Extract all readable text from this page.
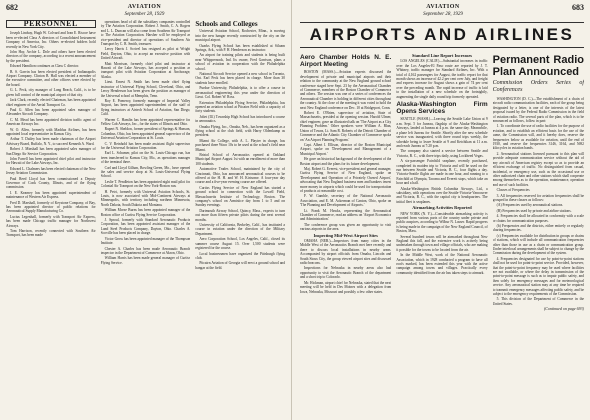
682	AVIATION
September 28, 1929
PERSONNEL

Joseph Lindsay, Hugh W. Colvard and Ivan E. Riscoe have been re-elected Class A directors of Consolidated Instrument Company of America, Inc. Others re-elected holders hold recently in New York City.

John Hay, Archie L. Dole and others have been elected directors of the company, according to a recent announcement by the president.

Edward Hamilton continues as Class C director.

B. S. Garvin has been elected president of Indianapolis Airport Company. Clinton B. Hall was elected a member of the executive committee, and other officers were elected by the board.

G. L. Peck, city manager of Long Beach, Calif., is to be given full control of the municipal airport of that city.

Jack Clark, recently elected Chairman, has been appointed chief engineer of the Aerial Transport Co.

Paul G. Allen has been appointed sales manager of Alexander Aircraft Company.

C. M. Mead has been appointed division traffic agent of American Airways Inc.

W. O. Allen, formerly with Maddux Airlines, has been appointed local representative in Kansas City.

Arthur T. Dailey has been made chairman of the Airport Advisory Board, Buffalo, N. Y., to succeed Kenneth A. Ward.

Robert J. Minshall has been appointed sales manager of San Diego Air Service Corporation.

John Farrell has been appointed chief pilot and instructor for Hawaii of the Lake Airways, Inc.

Edward L. Chalmers has been elected chairman of the New Jersey Aviation Commission.

Paul Reed Lloyd has been commissioned a Deputy Governor of Cook County, Illinois, and of the flying commission.

I. E. Kearney has been appointed superintendent of maintenance of Western Air Express.

Fred D. Marshall, formerly of Keystone Company, of Bay, has been appointed director of public relations for Aeronautical Supply Manufacturing Co.

Lucius Legenhall, formerly with Transport Air Express, has been made Chicago traffic manager for Northwest Airways.

Tom Harrison, recently connected with Southern Air Transport, has been made

operations head of all the subsidiary companies controlled by The Aviation Corporation. Robert J. Smith, C. A. Rogers and L. L. Duncan will also come from Southern Air Transport to The Aviation Corporation. Harsher will be employed as vice-president and director of operations of Southern Air Transport by C. R. Smith, treasurer.

Leroy Harris J. Scrivel has resigned as pilot at Wright Field, Dayton, Ohio, to accept an executive position with United Aircraft.

Matt Morrison, formerly chief pilot and instructor at Hawaii of the Lake Airways, has accepted a position as transport pilot with Aviation Corporation at Anchorage, Alaska.

Lieut. Ernest N. Smith has been made chief flying instructor of Universal Flying School, Cleveland, Ohio, and Leroy Henderson has been given the position as manager of the Universal school at Memphis, Tenn.

Roy E. Pomeroy, formerly manager of Imperial Valley Airport, has been appointed superintendent of the staff of flying instructors at Airtech School of Aviation, San Diego, Calif.

Warren C. Hamlin has been appointed representative for Yellow Cab Airways, Inc., for the states of Illinois and Ohio.

Rupert N. Sheldon, former president of Springs & Hanson, Columbus, Ohio, has been appointed general supervisor of the Universal Aviation Corporation at St. Louis.

C. V. Reinhold has been made assistant flight supervisor for the Universal Aviation Corporation.

Earl L. Schumer, pilot on the St. Louis-Chicago run, has been transferred to Kansas City, Mo., as operations manager of the terminal there.

Carl and Lloyd Gillum, Bowling Green, Mo., have opened the sales and service shop at St. Louis-Universal Flying School.

Leslie T. Pendleton has been appointed night mail pilot for Colonial Air Transport on the New York-Boston run.

H. Petri, formerly with Universal Aviation Schools, St. Louis, is now associated with Mid-Continent Airways at Minneapolis, with territory including northern Minnesota, North Dakota, South Dakota and Montana.

William Morse Burns has been appointed manager of the Boston office of Curtiss Flying Service Corporation.

J. Sproul, formerly with Standard Aeronautic Products Corporation, has been appointed assistant manager of the Lund Steel Products Company, Dayton, Ohio. Charles A. Scoville has been placed in charge.

Victor Gross has been appointed manager of the Thompson Institute.

Chester A. Charles has been made Aeronautic Branch inspector in the Department of Commerce at Akron, Ohio.

William Harris has been made general manager of Curtiss Flying Service.

Schools and Colleges

Universal Aviation School, Rochester, Minn., is moving into the new hangar recently constructed by the city on the municipal airport.

Ozarks Flying School has been established at Siloam Springs, Ark., with P. H. Henderson as instructor.

An airport for training pilots and students is being built near Whippernook, Ind. Its owner, Fred Garrison, plans a school of aviation in cooperation with the Philadelphia school.

National Aircraft Service opened a new school in Toronto, Ont. Earl Peck has been placed in charge. More than 30 students have enrolled.

Purdue University, Philadelphia, is to offer a course in aeronautical engineering this year under the direction of Lieut. Col. Robert W. Ross.

Extension Philadelphia Flying Service, Philadelphia, has opened an aviation school at Pitcairn Field with a capacity of forty students.

Joliet (Ill.) Township High School has introduced a course in aeronautics.

Omaha Flying, Inc., Omaha, Neb., has been organized as a flying school at the club field, with Harry Oldenkamp as president.

Miami Air College, with A. L. Playter in charge, has purchased three Waco 10s to be used at the school's field near Miami.

Bristol School of Aeronautics opened at Oakland Municipal Airport August 1st with an enrollment of more than 100 students.

Automotive Trades School, maintained by the city of Cincinnati, Ohio, has announced aeronautical courses to be offered at the H. H. and W. H. Kirtsome. A four-year day course and a five-year evening course are offered.

Curtiss Flying Service of New England has started a ground school in connection with the Lowell Field, Massachusetts Institute of Technology, Boston. The company's school on Armistice day from 1 to 5 and on Sunday evenings.

Dartmouth Airway School, Quincy, Mass., expects to turn out more than fifteen private pilots during the next several months.

University of California, Berkeley, Calif., has instituted a course in aviation under the direction of the Military Department.

Aero Corporation School, Los Angeles, Calif., closed its summer course August 15. Over 1,500 students were registered for the course.

Local businessmen have organized the Pittsburgh flying club.

Pitcairn Aviation of Georgia will erect a ground school and hangar at the field.

AVIATION
September 28, 1929
683
AIRPORTS AND AIRLINES
Aero Chamber Holds N. E. Airport Meeting

BOSTON (MASS.)—Aviation experts discussed the development of private and municipal airports and their relation to the community at the New England ground school conference staged here Sept. 23 by the Aeronautical Chamber of Commerce, members of the Boston Chamber of Commerce and others. The session was one of a series of conferences the Aeronautical Chamber is holding in different cities throughout the country. At the close of the meeting it was voted to hold the next New England conference on Dec. 10 at Bridgeport, Conn.

Robert E. O'Brien, supervisor of aviation, State of Massachusetts, presided at the opening session. Harold Ulmer, chief engineer, gave an illustrated talk on 'The Airport as a City Planning Problem.' Other speakers were William A. Blan, Union of Towns, Lt. Sam R. Roberts of the Detroit Chamber of Commerce and the Atlantic City Chamber of Commerce spoke on 'An Airport Planning Program.'

Capt. Albert I. Ellison, director of the Boston Municipal Airport, spoke on 'Development and Management of a Municipal Airport.'

He gave an historical background of the development of the Boston airport and the plans for its future development.

Maj. Robert G. Everest, vice-president and general manager, Curtiss Flying Service of New England, spoke on 'Development and Operation of a Privately Owned Airport,' advocating that New England business men and bankers invest more money in airports which could be used for transportation of products at reasonable cost.

F. W. Gamble, secretary of the National Aeronautic Association, and E. M. Ackerman of Canton, Ohio, spoke on 'The Planning and Development of Airports.'

Lt. Frank M. Hawks, representing the Aeronautical Chamber of Commerce, read an address on 'Airport Economics and Administration.'

The conference group was given an opportunity to visit various airports in the area.

Inspecting Mid-West Airport Sites

OMAHA (NEB.)—Inspectors from many cities in the Middle West of the Aeronautics Branch met here recently and there to discuss local installations in nearby areas. Accompanied by airport officials from Omaha, Lincoln and South Sioux City, the group viewed airport sites and discussed radio beacons.

Inspections for Nebraska in nearby areas also had opportunity to visit the Aeronautic Branch of the department and a short trip to Colorado.

Mr. Hickman, airport chief for Nebraska, stated that the next meeting will be held in Des Moines with a delegation from Iowa, Nebraska, Missouri and possibly a few other states.

Standard Line Report Increases

LOS ANGELES (CALIF.)—Substantial increases in traffic over the Los Angeles-El Paso route are reported by J. T. Whitney, traffic manager for Standard Airlines, Inc. With a total of 4,162 passengers for August, the traffic report for that month shows an increase of 42.2 per cent over July, and freight and express increase for August shows a gain of 74 per cent over the preceding month. The rapid increase of traffic is laid to the installation of a new schedule on the fortnightly, augmenting the single daily round trip formerly operated.

Alaska-Washington Firm Opens Services

SEATTLE (WASH.)—Leaving the Seattle Lake Union at 9 a.m. Sept. 5 for Juneau, flagship of the Alaska-Washington Airways, landed at Juneau at 4 p.m. the same day. Meanwhile, a plane left Juneau for Seattle. Shortly after the new schedule service was inaugurated, with three round trips weekly, the schedule being to leave Seattle at 9 and Ketchikan at 11 a.m. and reach Juneau at 7:20 p.m.

The company also started a service between Seattle and Victoria, B. C., with three trips daily, using Lockheed Vegas.

A six-passenger Fairchild seaplane, recently purchased, completed its maiden trip to Victoria and will be used on the run between Seattle and Victoria, B. C., four flights a day. Victoria-Seattle flights are made in one hour, and running to a Fairchild at Olympia, Tacoma and Everett stops, which take an hour and a half.

Alaska-Washington British Columbia Airways, Ltd., a subsidiary, with operations over the Seattle-Victoria-Vancouver and Victoria, B. C., with the capital city is headquarters. The initial fleet is seaplanes.

Airmarking Activities Reported

NEW YORK (N. Y.)—Considerable airmarking activity is reported from various parts of the country under private and public auspices, according to Wilbur N. Lasser. Rapid progress is being made in the campaign of the New England Council, of Boston, Mass.

Several hundred towns will be airmarked throughout New England this fall, and the extensive work is actively being undertaken through town and village officials, who are making it possible for the towns to be located from the air.

In the Middle West, work of the National Aeronautic Association, which in 1928 conducted a program to have all roofs marked, has been extended this year with the active campaign among towns and villages. Practically every community identified from the air has taken steps to airmark.

Permanent Radio Plan Announced
Commission Orders Series of Conferences

WASHINGTON (D. C.)—The establishment of a chain of aircraft radio communication facilities, each of the group being designated by a letter, is one of the interests of the latest proposal issued by the Federal Radio Commission in the field of aviation radio. The several parts of the plan, which is to be announced as follows, follow in part:

1. To coordinate the use of radio facilities for the purpose of aviation, and to establish an efficient basis for the use of the same, the Commission will, and it hereby does, reserve the frequencies below as available for aviation, until the end of 1930, and reserve the frequencies 3146, 3164, and 5692 kilocycles in aviation bands.

2. Aeronautical stations licensed pursuant to this plan will provide adequate communication service without the aid of any aircraft of American registry except so as to provide an efficient exchange of traffic. No distinguished from casual, incidental, or emergency use, such as the occasional use or other authorized chain and other stations which shall cooperate among themselves as to the operation, maintenance, operation and use of such facilities.

Classes of Frequencies

3. All frequencies reserved for aviation frequencies shall be grouped in these classes as follows:

(A) Frequencies used by aeronautical stations.

(B) Frequencies used by private and airline stations.

4. Frequencies shall be allocated in conformity with a scale or chains for communication purposes.

(b) Frequencies and the districts, either entirely or regularly sharing frequencies.

(c) Frequencies available for distribution in groups or chains of stations, which will include all communication frequencies other than those in use as a chain or communication group. Under interlocal arrangements shall be subject to change by the Commission during the development of the system.

4. Frequencies designated for use by point-to-point stations shall not be used for point-to-point service. Provided, however, that the point-to-point frequency may be used where facilities are not available, or where the delay in transmission of the point-to-point message is such as to impair public safety, and then solely for emergency messages and for meteorological service. Any aeronautical station may at any time be required to transmit emergency messages affecting public safety, and be subject to the emergency requirements of the Commission.

5. This division of the Department of Commerce in the United States.

(Continued on page 693)
